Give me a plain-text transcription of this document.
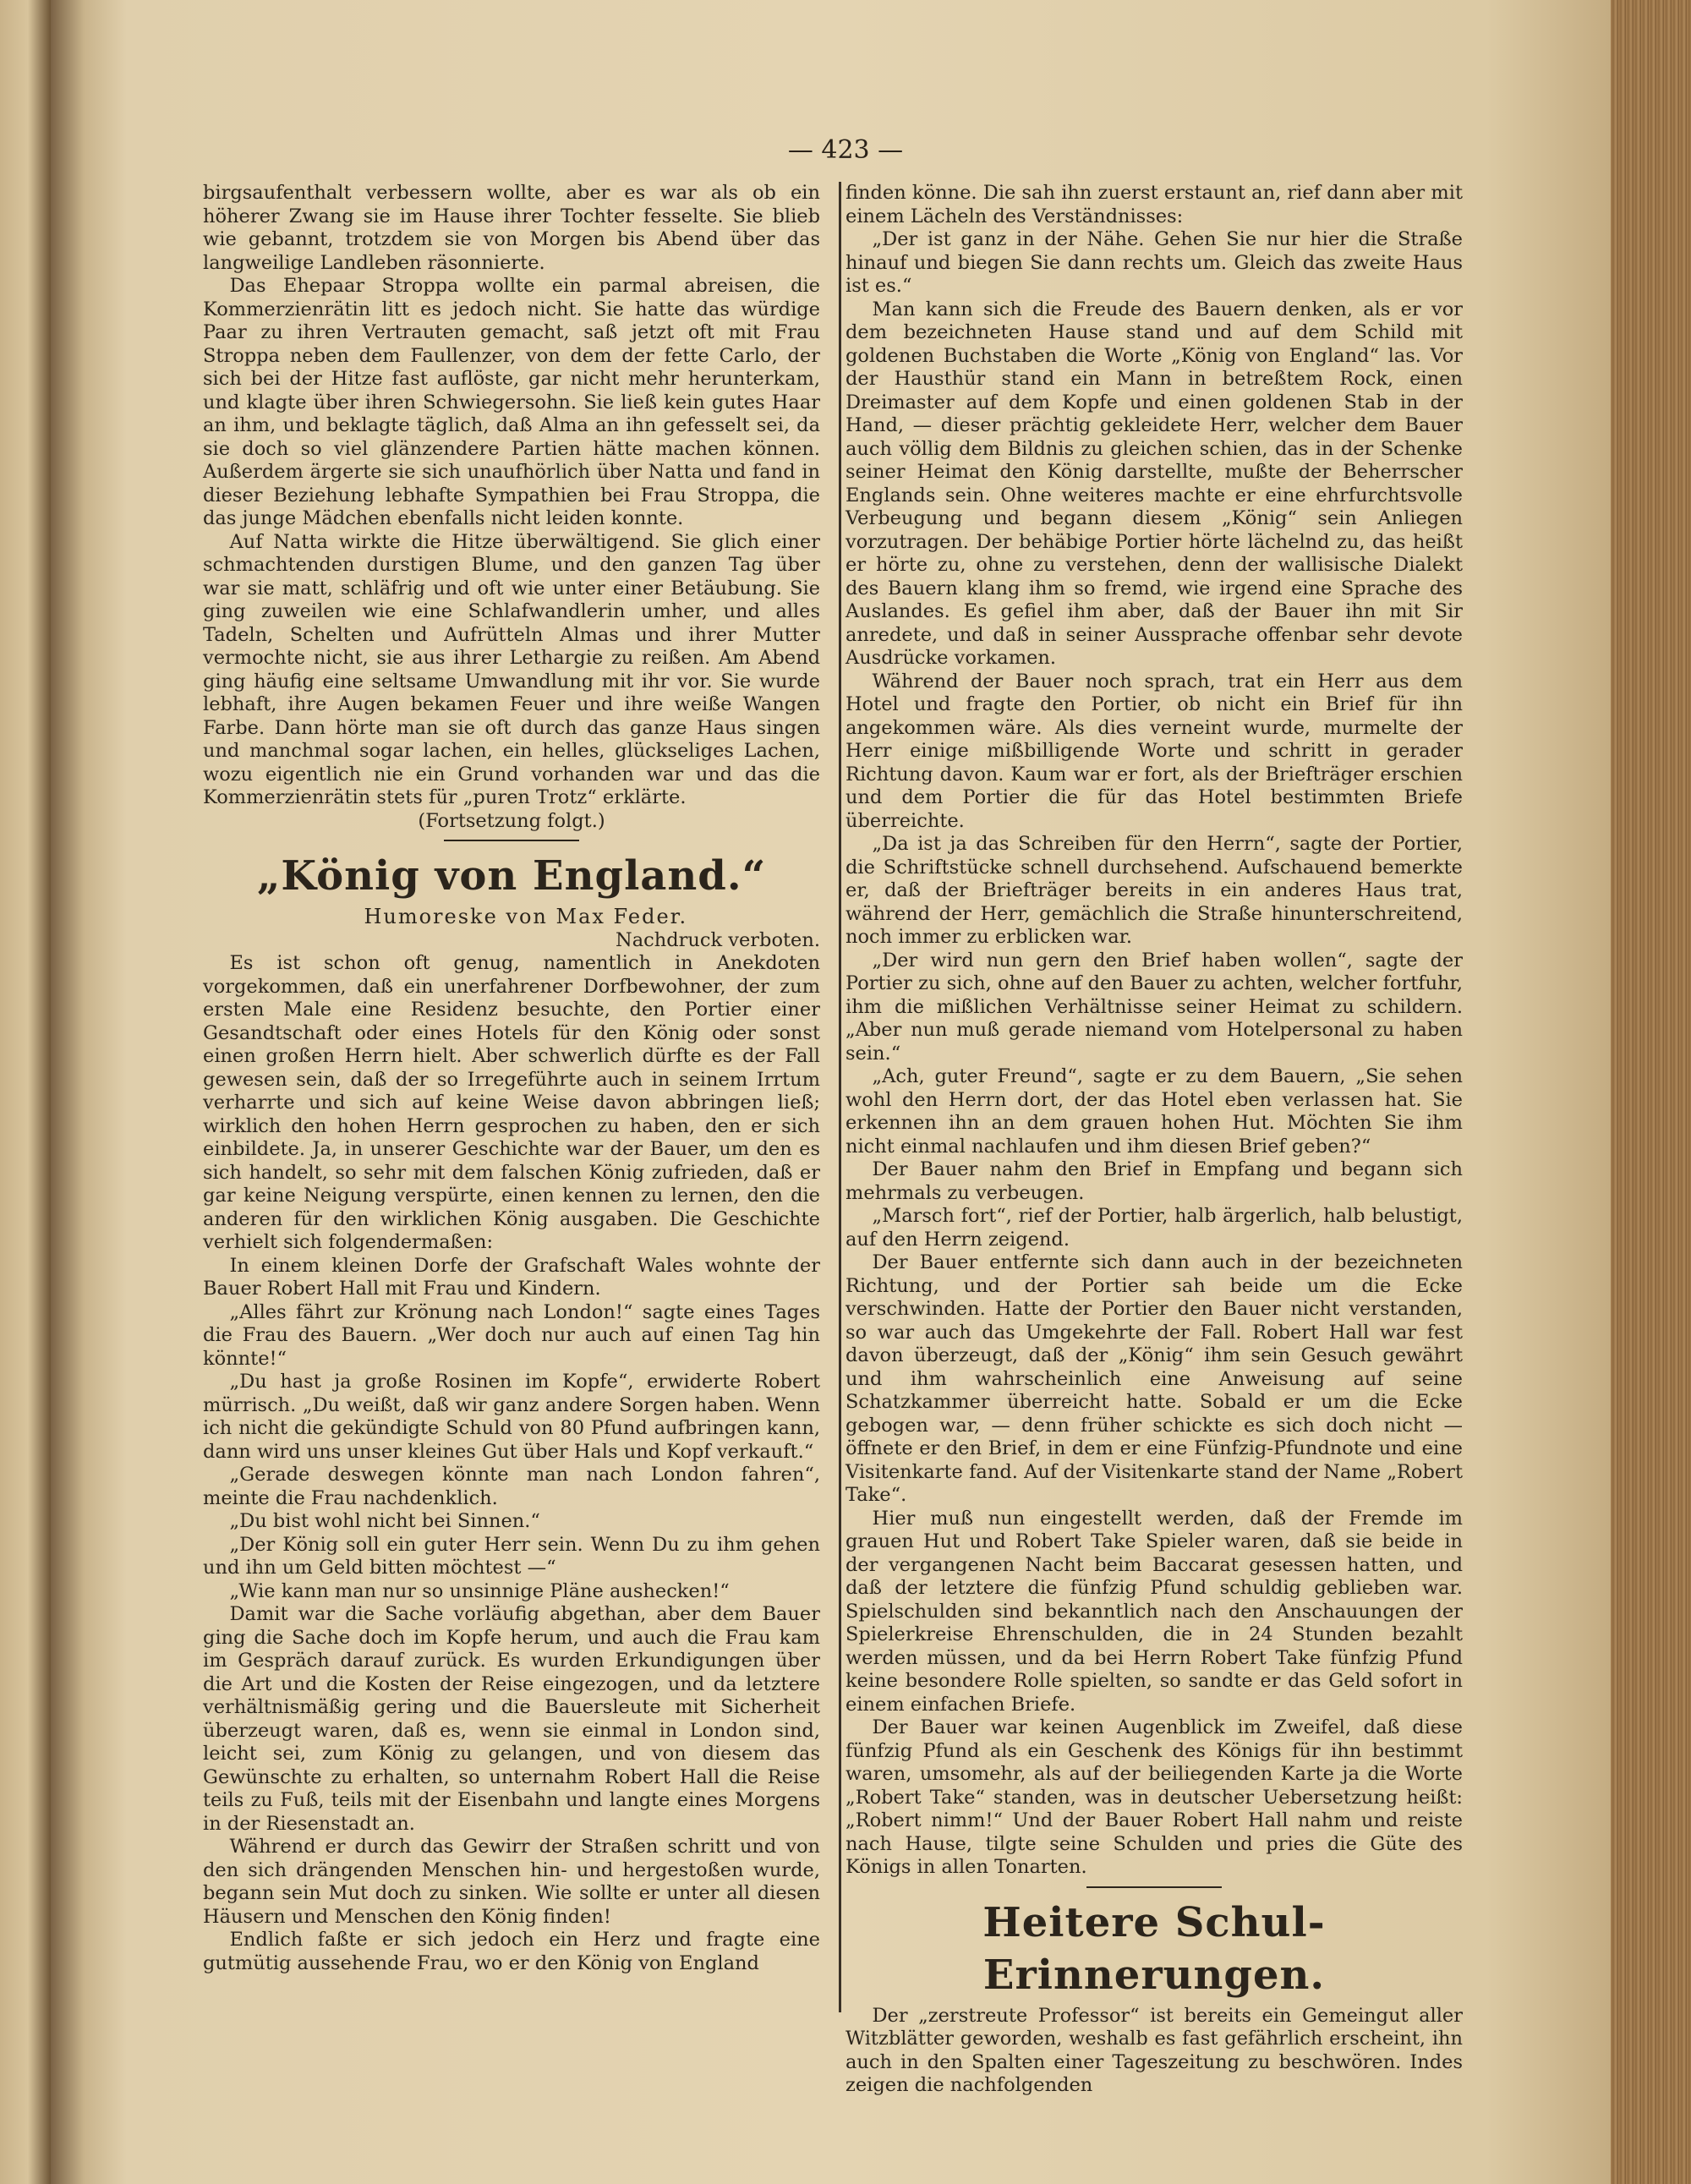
— 423 —

birgsaufenthalt verbessern wollte, aber es war als ob ein höherer Zwang sie im Hause ihrer Tochter fesselte. Sie blieb wie gebannt, trotzdem sie von Morgen bis Abend über das langweilige Landleben räsonnierte.

Das Ehepaar Stroppa wollte ein parmal abreisen, die Kommerzienrätin litt es jedoch nicht. Sie hatte das würdige Paar zu ihren Vertrauten gemacht, saß jetzt oft mit Frau Stroppa neben dem Faullenzer, von dem der fette Carlo, der sich bei der Hitze fast auflöste, gar nicht mehr herunterkam, und klagte über ihren Schwiegersohn. Sie ließ kein gutes Haar an ihm, und beklagte täglich, daß Alma an ihn gefesselt sei, da sie doch so viel glänzendere Partien hätte machen können. Außerdem ärgerte sie sich unaufhörlich über Natta und fand in dieser Beziehung lebhafte Sympathien bei Frau Stroppa, die das junge Mädchen ebenfalls nicht leiden konnte.

Auf Natta wirkte die Hitze überwältigend. Sie glich einer schmachtenden durstigen Blume, und den ganzen Tag über war sie matt, schläfrig und oft wie unter einer Betäubung. Sie ging zuweilen wie eine Schlafwandlerin umher, und alles Tadeln, Schelten und Aufrütteln Almas und ihrer Mutter vermochte nicht, sie aus ihrer Lethargie zu reißen. Am Abend ging häufig eine seltsame Umwandlung mit ihr vor. Sie wurde lebhaft, ihre Augen bekamen Feuer und ihre weiße Wangen Farbe. Dann hörte man sie oft durch das ganze Haus singen und manchmal sogar lachen, ein helles, glückseliges Lachen, wozu eigentlich nie ein Grund vorhanden war und das die Kommerzienrätin stets für „puren Trotz“ erklärte.

(Fortsetzung folgt.)

„König von England.“

Humoreske von Max Feder.

Nachdruck verboten.

Es ist schon oft genug, namentlich in Anekdoten vorgekommen, daß ein unerfahrener Dorfbewohner, der zum ersten Male eine Residenz besuchte, den Portier einer Gesandtschaft oder eines Hotels für den König oder sonst einen großen Herrn hielt. Aber schwerlich dürfte es der Fall gewesen sein, daß der so Irregeführte auch in seinem Irrtum verharrte und sich auf keine Weise davon abbringen ließ; wirklich den hohen Herrn gesprochen zu haben, den er sich einbildete. Ja, in unserer Geschichte war der Bauer, um den es sich handelt, so sehr mit dem falschen König zufrieden, daß er gar keine Neigung verspürte, einen kennen zu lernen, den die anderen für den wirklichen König ausgaben. Die Geschichte verhielt sich folgendermaßen:

In einem kleinen Dorfe der Grafschaft Wales wohnte der Bauer Robert Hall mit Frau und Kindern.

„Alles fährt zur Krönung nach London!“ sagte eines Tages die Frau des Bauern. „Wer doch nur auch auf einen Tag hin könnte!“

„Du hast ja große Rosinen im Kopfe“, erwiderte Robert mürrisch. „Du weißt, daß wir ganz andere Sorgen haben. Wenn ich nicht die gekündigte Schuld von 80 Pfund aufbringen kann, dann wird uns unser kleines Gut über Hals und Kopf verkauft.“

„Gerade deswegen könnte man nach London fahren“, meinte die Frau nachdenklich.

„Du bist wohl nicht bei Sinnen.“

„Der König soll ein guter Herr sein. Wenn Du zu ihm gehen und ihn um Geld bitten möchtest —“

„Wie kann man nur so unsinnige Pläne aushecken!“

Damit war die Sache vorläufig abgethan, aber dem Bauer ging die Sache doch im Kopfe herum, und auch die Frau kam im Gespräch darauf zurück. Es wurden Erkundigungen über die Art und die Kosten der Reise eingezogen, und da letztere verhältnismäßig gering und die Bauersleute mit Sicherheit überzeugt waren, daß es, wenn sie einmal in London sind, leicht sei, zum König zu gelangen, und von diesem das Gewünschte zu erhalten, so unternahm Robert Hall die Reise teils zu Fuß, teils mit der Eisenbahn und langte eines Morgens in der Riesenstadt an.

Während er durch das Gewirr der Straßen schritt und von den sich drängenden Menschen hin- und hergestoßen wurde, begann sein Mut doch zu sinken. Wie sollte er unter all diesen Häusern und Menschen den König finden!

Endlich faßte er sich jedoch ein Herz und fragte eine gutmütig aussehende Frau, wo er den König von England

finden könne. Die sah ihn zuerst erstaunt an, rief dann aber mit einem Lächeln des Verständnisses:

„Der ist ganz in der Nähe. Gehen Sie nur hier die Straße hinauf und biegen Sie dann rechts um. Gleich das zweite Haus ist es.“

Man kann sich die Freude des Bauern denken, als er vor dem bezeichneten Hause stand und auf dem Schild mit goldenen Buchstaben die Worte „König von England“ las. Vor der Hausthür stand ein Mann in betreßtem Rock, einen Dreimaster auf dem Kopfe und einen goldenen Stab in der Hand, — dieser prächtig gekleidete Herr, welcher dem Bauer auch völlig dem Bildnis zu gleichen schien, das in der Schenke seiner Heimat den König darstellte, mußte der Beherrscher Englands sein. Ohne weiteres machte er eine ehrfurchtsvolle Verbeugung und begann diesem „König“ sein Anliegen vorzutragen. Der behäbige Portier hörte lächelnd zu, das heißt er hörte zu, ohne zu verstehen, denn der wallisische Dialekt des Bauern klang ihm so fremd, wie irgend eine Sprache des Auslandes. Es gefiel ihm aber, daß der Bauer ihn mit Sir anredete, und daß in seiner Aussprache offenbar sehr devote Ausdrücke vorkamen.

Während der Bauer noch sprach, trat ein Herr aus dem Hotel und fragte den Portier, ob nicht ein Brief für ihn angekommen wäre. Als dies verneint wurde, murmelte der Herr einige mißbilligende Worte und schritt in gerader Richtung davon. Kaum war er fort, als der Briefträger erschien und dem Portier die für das Hotel bestimmten Briefe überreichte.

„Da ist ja das Schreiben für den Herrn“, sagte der Portier, die Schriftstücke schnell durchsehend. Aufschauend bemerkte er, daß der Briefträger bereits in ein anderes Haus trat, während der Herr, gemächlich die Straße hinunterschreitend, noch immer zu erblicken war.

„Der wird nun gern den Brief haben wollen“, sagte der Portier zu sich, ohne auf den Bauer zu achten, welcher fortfuhr, ihm die mißlichen Verhältnisse seiner Heimat zu schildern. „Aber nun muß gerade niemand vom Hotelpersonal zu haben sein.“

„Ach, guter Freund“, sagte er zu dem Bauern, „Sie sehen wohl den Herrn dort, der das Hotel eben verlassen hat. Sie erkennen ihn an dem grauen hohen Hut. Möchten Sie ihm nicht einmal nachlaufen und ihm diesen Brief geben?“

Der Bauer nahm den Brief in Empfang und begann sich mehrmals zu verbeugen.

„Marsch fort“, rief der Portier, halb ärgerlich, halb belustigt, auf den Herrn zeigend.

Der Bauer entfernte sich dann auch in der bezeichneten Richtung, und der Portier sah beide um die Ecke verschwinden. Hatte der Portier den Bauer nicht verstanden, so war auch das Umgekehrte der Fall. Robert Hall war fest davon überzeugt, daß der „König“ ihm sein Gesuch gewährt und ihm wahrscheinlich eine Anweisung auf seine Schatzkammer überreicht hatte. Sobald er um die Ecke gebogen war, — denn früher schickte es sich doch nicht — öffnete er den Brief, in dem er eine Fünfzig-Pfundnote und eine Visitenkarte fand. Auf der Visitenkarte stand der Name „Robert Take“.

Hier muß nun eingestellt werden, daß der Fremde im grauen Hut und Robert Take Spieler waren, daß sie beide in der vergangenen Nacht beim Baccarat gesessen hatten, und daß der letztere die fünfzig Pfund schuldig geblieben war. Spielschulden sind bekanntlich nach den Anschauungen der Spielerkreise Ehrenschulden, die in 24 Stunden bezahlt werden müssen, und da bei Herrn Robert Take fünfzig Pfund keine besondere Rolle spielten, so sandte er das Geld sofort in einem einfachen Briefe.

Der Bauer war keinen Augenblick im Zweifel, daß diese fünfzig Pfund als ein Geschenk des Königs für ihn bestimmt waren, umsomehr, als auf der beiliegenden Karte ja die Worte „Robert Take“ standen, was in deutscher Uebersetzung heißt: „Robert nimm!“ Und der Bauer Robert Hall nahm und reiste nach Hause, tilgte seine Schulden und pries die Güte des Königs in allen Tonarten.

Heitere Schul-Erinnerungen.

Der „zerstreute Professor“ ist bereits ein Gemeingut aller Witzblätter geworden, weshalb es fast gefährlich erscheint, ihn auch in den Spalten einer Tageszeitung zu beschwören. Indes zeigen die nachfolgenden
